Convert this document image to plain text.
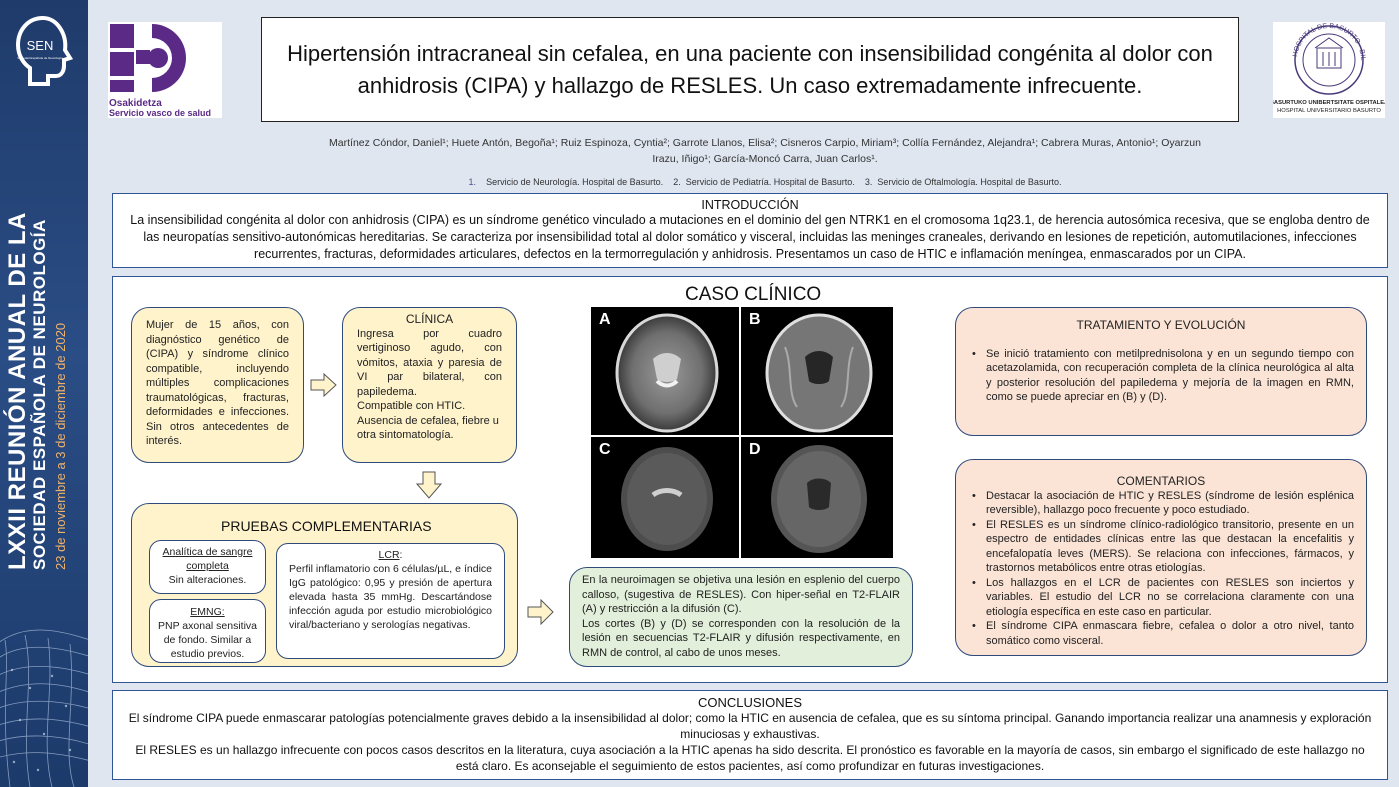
SEN
Sociedad Española de Neurología
LXXII REUNIÓN ANUAL DE LA SOCIEDAD ESPAÑOLA DE NEUROLOGÍA 23 de noviembre a 3 de diciembre de 2020
Osakidetza
Servicio vasco de salud
HOSPITAL DE BASURTO · BIL
BASURTUKO UNIBERTSITATE OSPITALEA
HOSPITAL UNIVERSITARIO BASURTO
Hipertensión intracraneal sin cefalea, en una paciente con insensibilidad congénita al dolor con anhidrosis (CIPA) y hallazgo de RESLES. Un caso extremadamente infrecuente.
Martínez Cóndor, Daniel¹; Huete Antón, Begoña¹; Ruiz Espinoza, Cyntia²; Garrote Llanos, Elisa²; Cisneros Carpio, Miriam³; Collía Fernández, Alejandra¹; Cabrera Muras, Antonio¹; Oyarzun
Irazu, Iñigo¹; García-Moncó Carra, Juan Carlos¹.
1. Servicio de Neurología. Hospital de Basurto. 2. Servicio de Pediatría. Hospital de Basurto. 3. Servicio de Oftalmología. Hospital de Basurto.
INTRODUCCIÓN
La insensibilidad congénita al dolor con anhidrosis (CIPA) es un síndrome genético vinculado a mutaciones en el dominio del gen NTRK1 en el cromosoma 1q23.1, de herencia autosómica recesiva, que se engloba dentro de las neuropatías sensitivo-autonómicas hereditarias. Se caracteriza por insensibilidad total al dolor somático y visceral, incluidas las meninges craneales, derivando en lesiones de repetición, automutilaciones, infecciones recurrentes, fracturas, deformidades articulares, defectos en la termorregulación y anhidrosis. Presentamos un caso de HTIC e inflamación meníngea, enmascarados por un CIPA.
CASO CLÍNICO
Mujer de 15 años, con diagnóstico genético de (CIPA) y síndrome clínico compatible, incluyendo múltiples complicaciones traumatológicas, fracturas, deformidades e infecciones. Sin otros antecedentes de interés.
CLÍNICA
Ingresa por cuadro vertiginoso agudo, con vómitos, ataxia y paresia de VI par bilateral, con papiledema.
Compatible con HTIC.
Ausencia de cefalea, fiebre u otra sintomatología.
PRUEBAS COMPLEMENTARIAS
Analítica de sangre completa
Sin alteraciones.
EMNG:
PNP axonal sensitiva de fondo. Similar a estudio previos.
LCR:
Perfil inflamatorio con 6 células/µL, e índice IgG patológico: 0,95 y presión de apertura elevada hasta 35 mmHg. Descartándose infección aguda por estudio microbiológico viral/bacteriano y serologías negativas.
A	B
C	D
En la neuroimagen se objetiva una lesión en esplenio del cuerpo calloso, (sugestiva de RESLES). Con hiper-señal en T2-FLAIR (A) y restricción a la difusión (C).
Los cortes (B) y (D) se corresponden con la resolución de la lesión en secuencias T2-FLAIR y difusión respectivamente, en RMN de control, al cabo de unos meses.
TRATAMIENTO Y EVOLUCIÓN
• Se inició tratamiento con metilprednisolona y en un segundo tiempo con acetazolamida, con recuperación completa de la clínica neurológica al alta y posterior resolución del papiledema y mejoría de la imagen en RMN, como se puede apreciar en (B) y (D).
COMENTARIOS
• Destacar la asociación de HTIC y RESLES (síndrome de lesión esplénica reversible), hallazgo poco frecuente y poco estudiado.
• El RESLES es un síndrome clínico-radiológico transitorio, presente en un espectro de entidades clínicas entre las que destacan la encefalitis y encefalopatía leves (MERS). Se relaciona con infecciones, fármacos, y trastornos metabólicos entre otras etiologías.
• Los hallazgos en el LCR de pacientes con RESLES son inciertos y variables. El estudio del LCR no se correlaciona claramente con una etiología específica en este caso en particular.
• El síndrome CIPA enmascara fiebre, cefalea o dolor a otro nivel, tanto somático como visceral.
CONCLUSIONES
El síndrome CIPA puede enmascarar patologías potencialmente graves debido a la insensibilidad al dolor; como la HTIC en ausencia de cefalea, que es su síntoma principal. Ganando importancia realizar una anamnesis y exploración minuciosas y exhaustivas.
El RESLES es un hallazgo infrecuente con pocos casos descritos en la literatura, cuya asociación a la HTIC apenas ha sido descrita. El pronóstico es favorable en la mayoría de casos, sin embargo el significado de este hallazgo no está claro. Es aconsejable el seguimiento de estos pacientes, así como profundizar en futuras investigaciones.
